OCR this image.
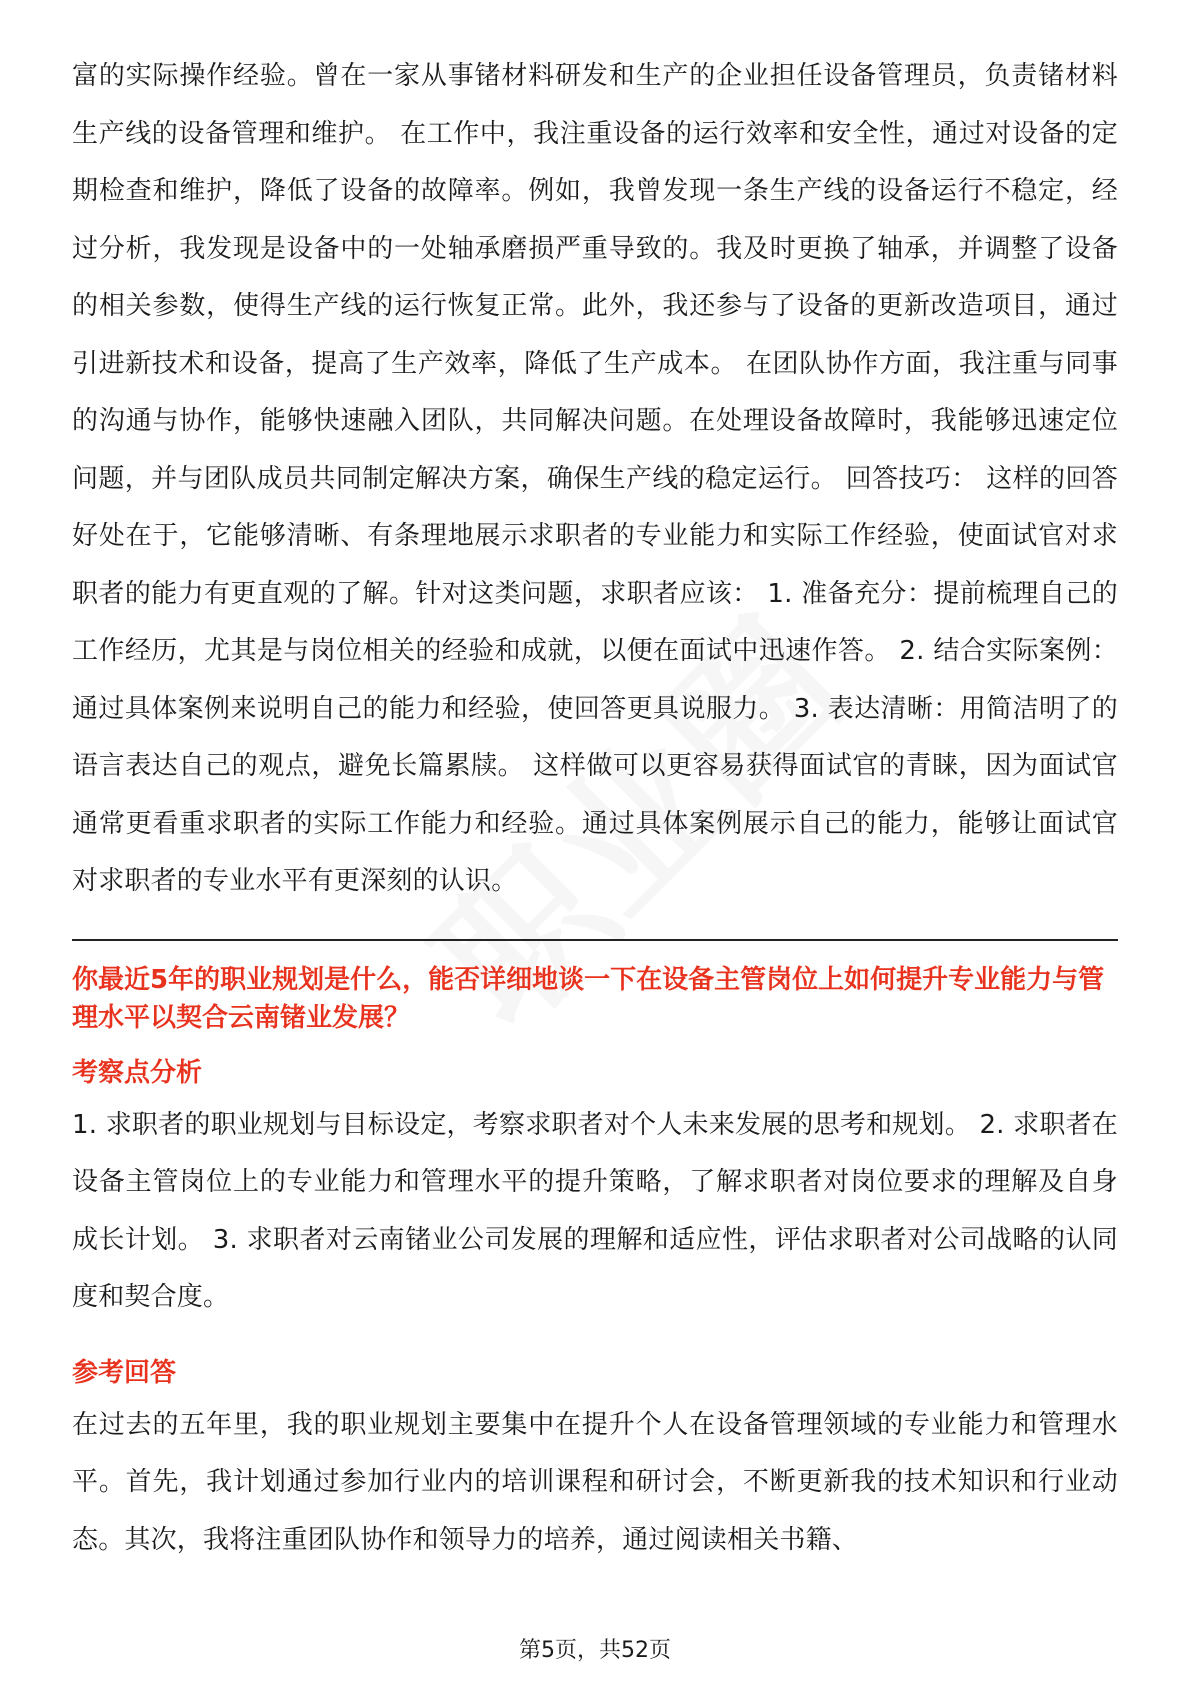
富的实际操作经验。曾在一家从事锗材料研发和生产的企业担任设备管理员，负责锗材料生产线的设备管理和维护。 在工作中，我注重设备的运行效率和安全性，通过对设备的定期检查和维护，降低了设备的故障率。例如，我曾发现一条生产线的设备运行不稳定，经过分析，我发现是设备中的一处轴承磨损严重导致的。我及时更换了轴承，并调整了设备的相关参数，使得生产线的运行恢复正常。此外，我还参与了设备的更新改造项目，通过引进新技术和设备，提高了生产效率，降低了生产成本。 在团队协作方面，我注重与同事的沟通与协作，能够快速融入团队，共同解决问题。在处理设备故障时，我能够迅速定位问题，并与团队成员共同制定解决方案，确保生产线的稳定运行。 回答技巧： 这样的回答好处在于，它能够清晰、有条理地展示求职者的专业能力和实际工作经验，使面试官对求职者的能力有更直观的了解。针对这类问题，求职者应该： 1. 准备充分：提前梳理自己的工作经历，尤其是与岗位相关的经验和成就，以便在面试中迅速作答。 2. 结合实际案例：通过具体案例来说明自己的能力和经验，使回答更具说服力。 3. 表达清晰：用简洁明了的语言表达自己的观点，避免长篇累牍。 这样做可以更容易获得面试官的青睐，因为面试官通常更看重求职者的实际工作能力和经验。通过具体案例展示自己的能力，能够让面试官对求职者的专业水平有更深刻的认识。

你最近5年的职业规划是什么，能否详细地谈一下在设备主管岗位上如何提升专业能力与管理水平以契合云南锗业发展？

考察点分析

1. 求职者的职业规划与目标设定，考察求职者对个人未来发展的思考和规划。 2. 求职者在设备主管岗位上的专业能力和管理水平的提升策略，了解求职者对岗位要求的理解及自身成长计划。 3. 求职者对云南锗业公司发展的理解和适应性，评估求职者对公司战略的认同度和契合度。

参考回答

在过去的五年里，我的职业规划主要集中在提升个人在设备管理领域的专业能力和管理水平。首先，我计划通过参加行业内的培训课程和研讨会，不断更新我的技术知识和行业动态。其次，我将注重团队协作和领导力的培养，通过阅读相关书籍、

第5页，共52页
